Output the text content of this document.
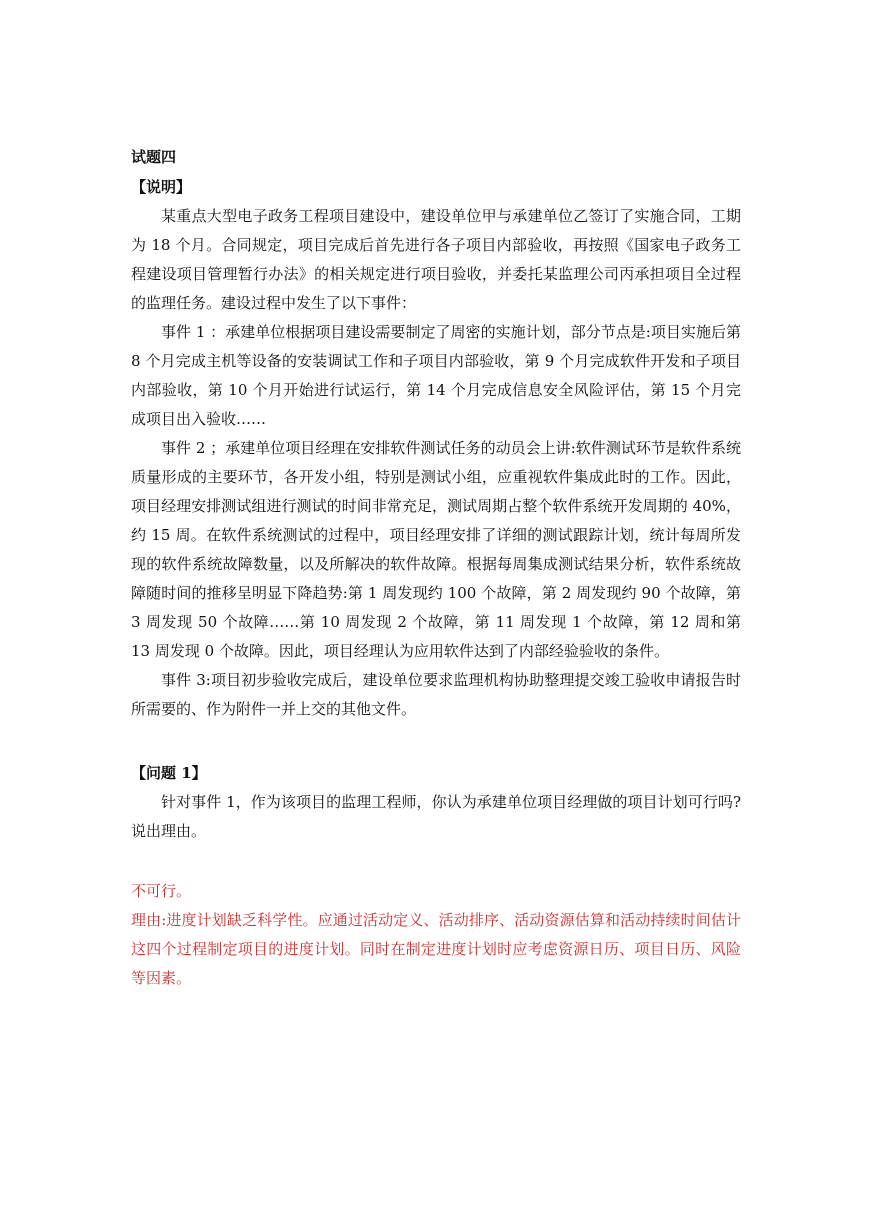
试题四
【说明】

某重点大型电子政务工程项目建设中，建设单位甲与承建单位乙签订了实施合同，工期为 18 个月。合同规定，项目完成后首先进行各子项目内部验收，再按照《国家电子政务工程建设项目管理暂行办法》的相关规定进行项目验收，并委托某监理公司丙承担项目全过程的监理任务。建设过程中发生了以下事件：

事件 1 ：承建单位根据项目建设需要制定了周密的实施计划，部分节点是:项目实施后第 8 个月完成主机等设备的安装调试工作和子项目内部验收，第 9 个月完成软件开发和子项目内部验收，第 10 个月开始进行试运行，第 14 个月完成信息安全风险评估，第 15 个月完成项目出入验收……

事件 2 ；承建单位项目经理在安排软件测试任务的动员会上讲:软件测试环节是软件系统质量形成的主要环节，各开发小组，特别是测试小组，应重视软件集成此时的工作。因此，项目经理安排测试组进行测试的时间非常充足，测试周期占整个软件系统开发周期的 40%，约 15 周。在软件系统测试的过程中，项目经理安排了详细的测试跟踪计划，统计每周所发现的软件系统故障数量，以及所解决的软件故障。根据每周集成测试结果分析，软件系统故障随时间的推移呈明显下降趋势:第 1 周发现约 100 个故障，第 2 周发现约 90 个故障，第 3 周发现 50 个故障……第 10 周发现 2 个故障，第 11 周发现 1 个故障，第 12 周和第 13 周发现 0 个故障。因此，项目经理认为应用软件达到了内部经验验收的条件。

事件 3:项目初步验收完成后，建设单位要求监理机构协助整理提交竣工验收申请报告时所需要的、作为附件一并上交的其他文件。

【问题 1】

针对事件 1，作为该项目的监理工程师，你认为承建单位项目经理做的项目计划可行吗?说出理由。

不可行。

理由:进度计划缺乏科学性。应通过活动定义、活动排序、活动资源估算和活动持续时间估计这四个过程制定项目的进度计划。同时在制定进度计划时应考虑资源日历、项目日历、风险等因素。
